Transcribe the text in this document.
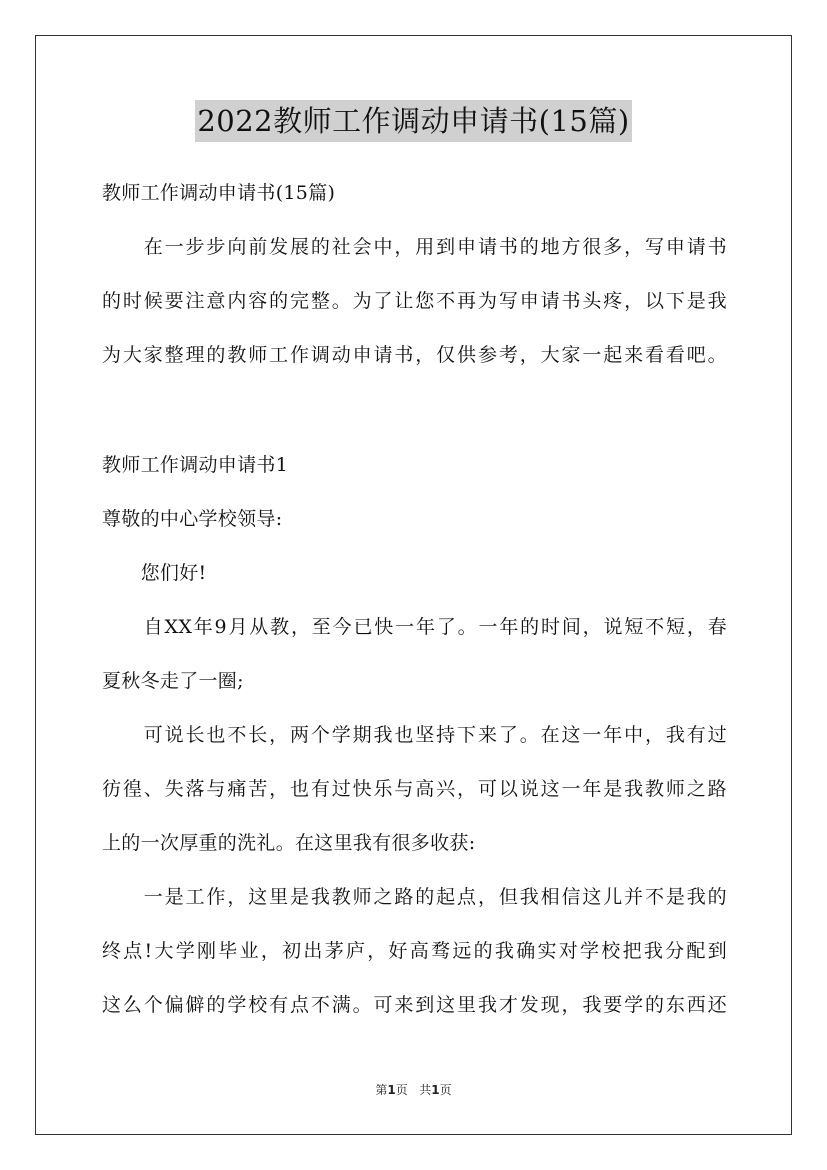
2022教师工作调动申请书(15篇)
教师工作调动申请书(15篇)
　　在一步步向前发展的社会中，用到申请书的地方很多，写申请书
的时候要注意内容的完整。为了让您不再为写申请书头疼，以下是我
为大家整理的教师工作调动申请书，仅供参考，大家一起来看看吧。
教师工作调动申请书1
尊敬的中心学校领导:
　　您们好!
　　自XX年9月从教，至今已快一年了。一年的时间，说短不短，春
夏秋冬走了一圈;
　　可说长也不长，两个学期我也坚持下来了。在这一年中，我有过
彷徨、失落与痛苦，也有过快乐与高兴，可以说这一年是我教师之路
上的一次厚重的洗礼。在这里我有很多收获:
　　一是工作，这里是我教师之路的起点，但我相信这儿并不是我的
终点!大学刚毕业，初出茅庐，好高骛远的我确实对学校把我分配到
这么个偏僻的学校有点不满。可来到这里我才发现，我要学的东西还
第1页 共1页
